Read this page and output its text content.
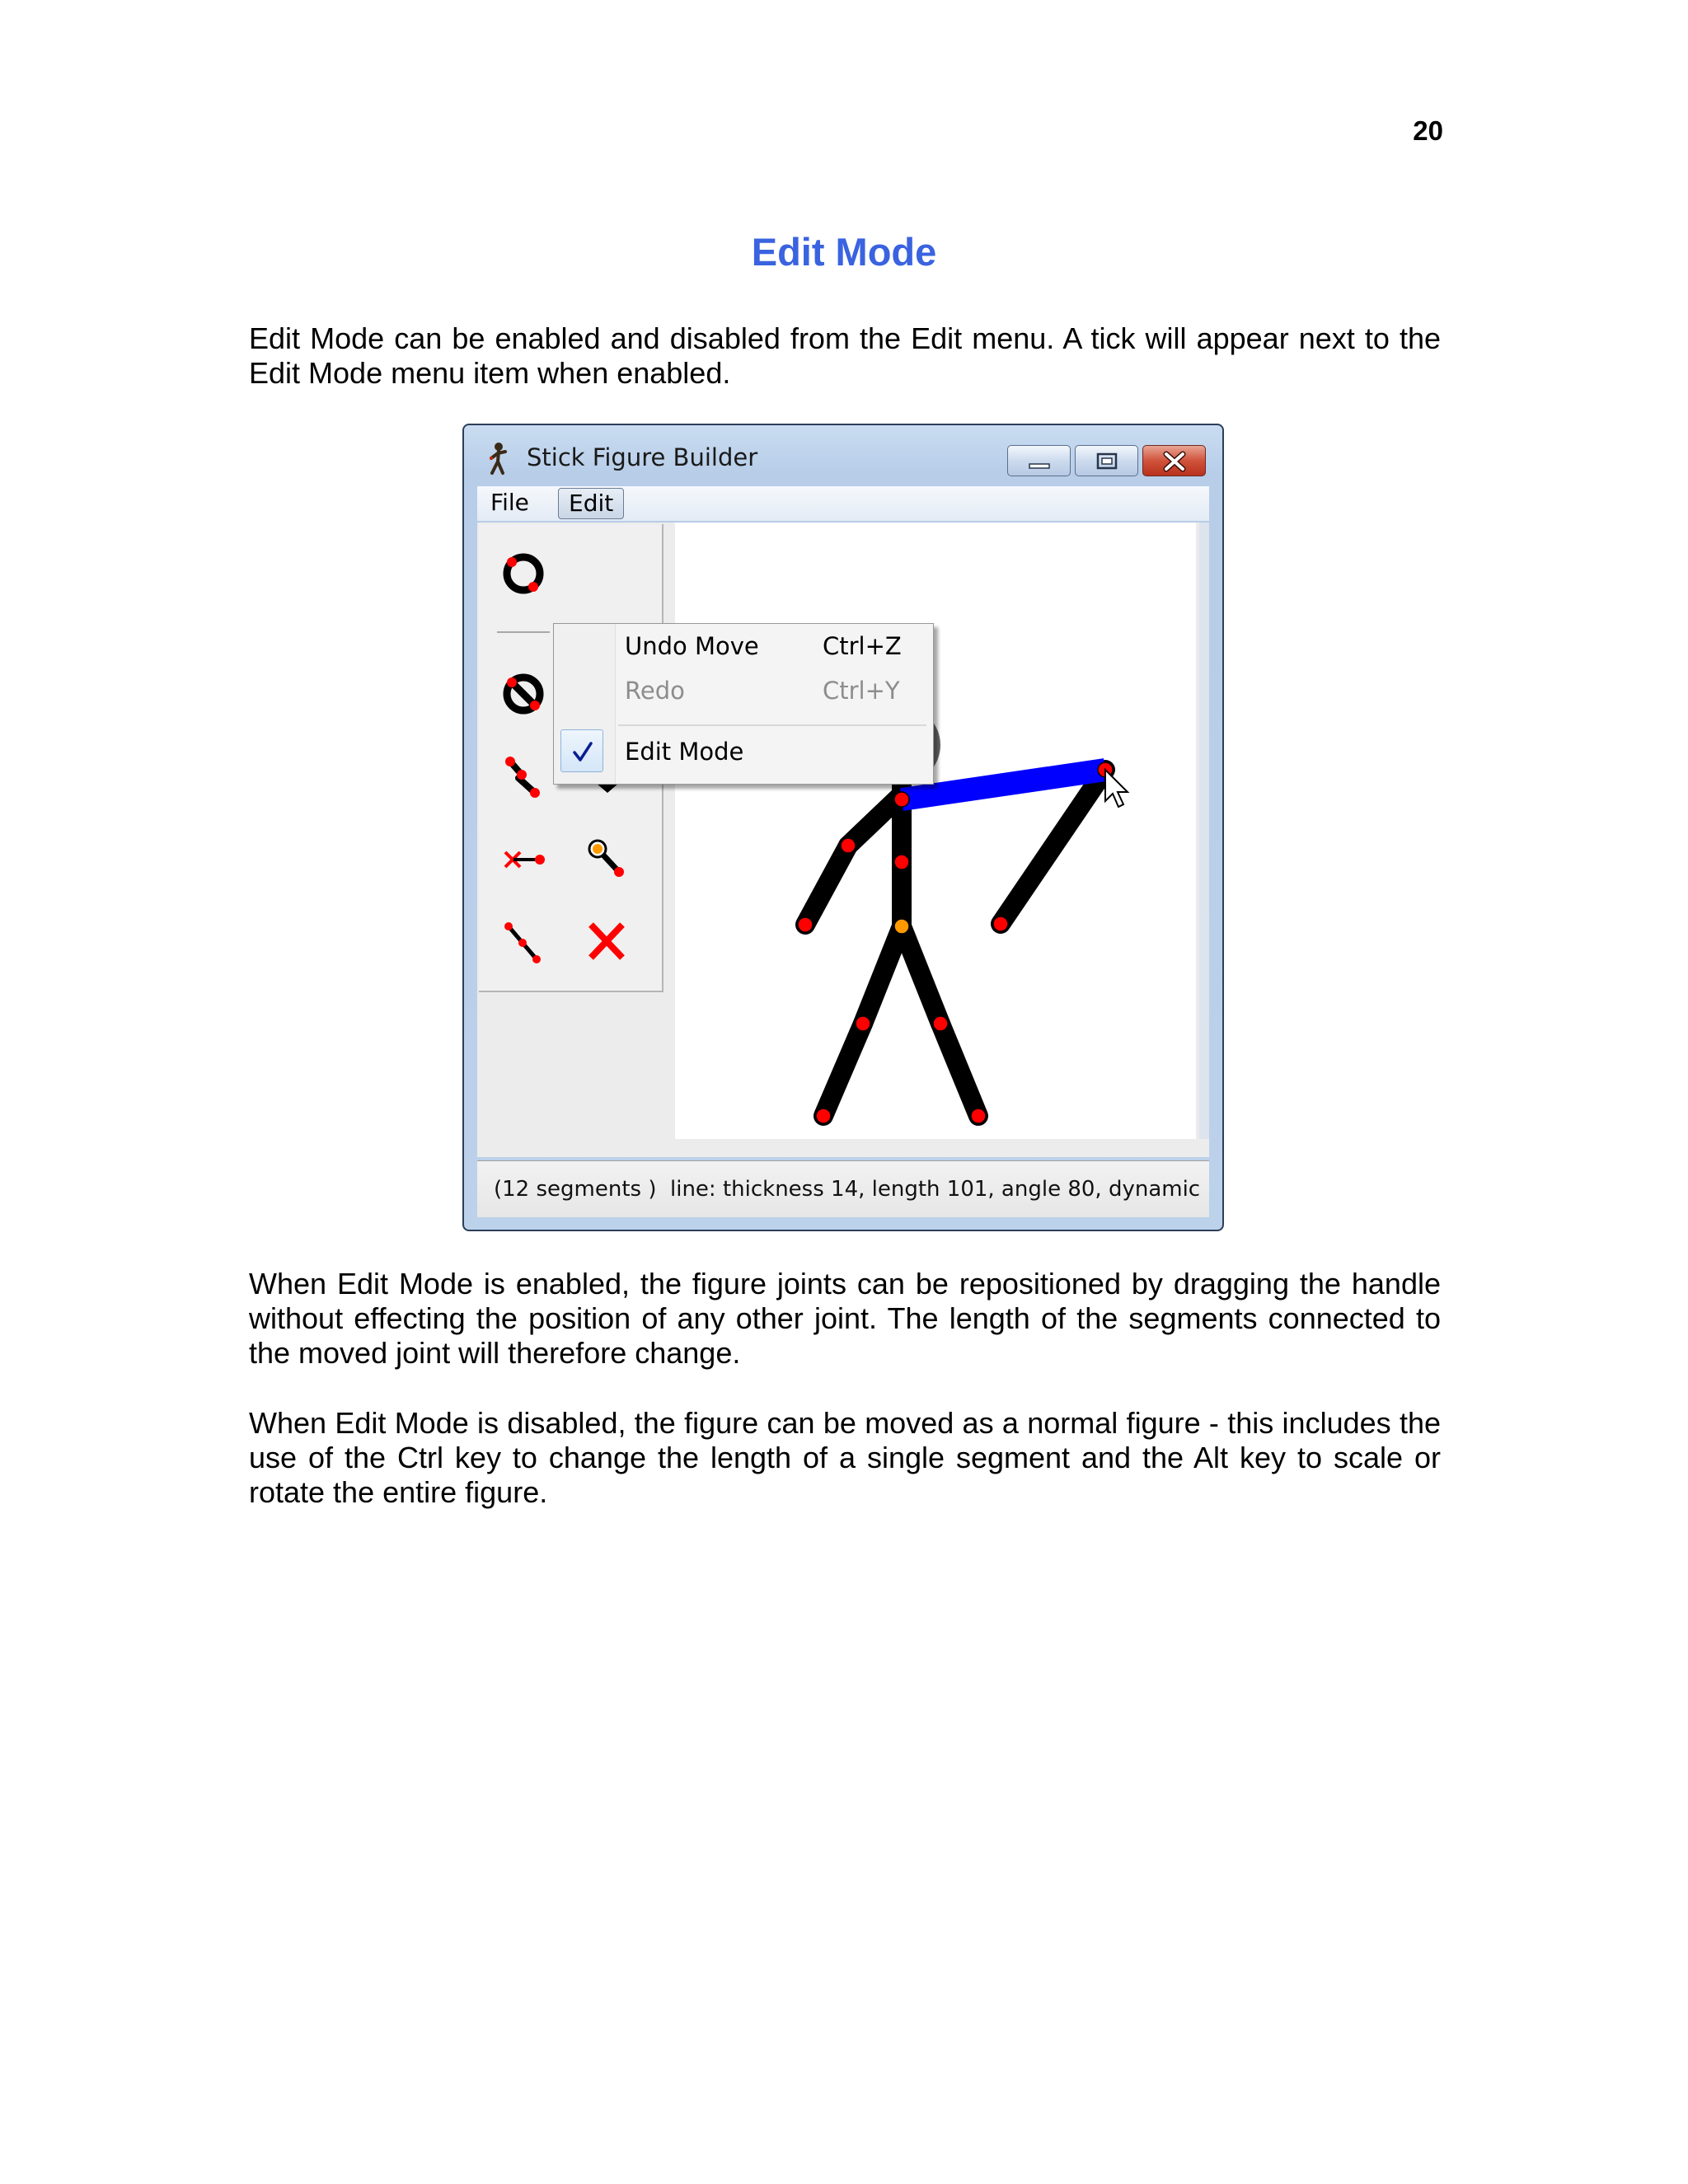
20
Edit Mode

Edit Mode can be enabled and disabled from the Edit menu. A tick will appear next to the Edit Mode menu item when enabled.

Stick Figure Builder
File	Edit
Undo Move	Ctrl+Z
Redo	Ctrl+Y
Edit Mode
(12 segments ) line: thickness 14, length 101, angle 80, dynamic

When Edit Mode is enabled, the figure joints can be repositioned by dragging the handle without effecting the position of any other joint. The length of the segments connected to the moved joint will therefore change.

When Edit Mode is disabled, the figure can be moved as a normal figure - this includes the use of the Ctrl key to change the length of a single segment and the Alt key to scale or rotate the entire figure.
